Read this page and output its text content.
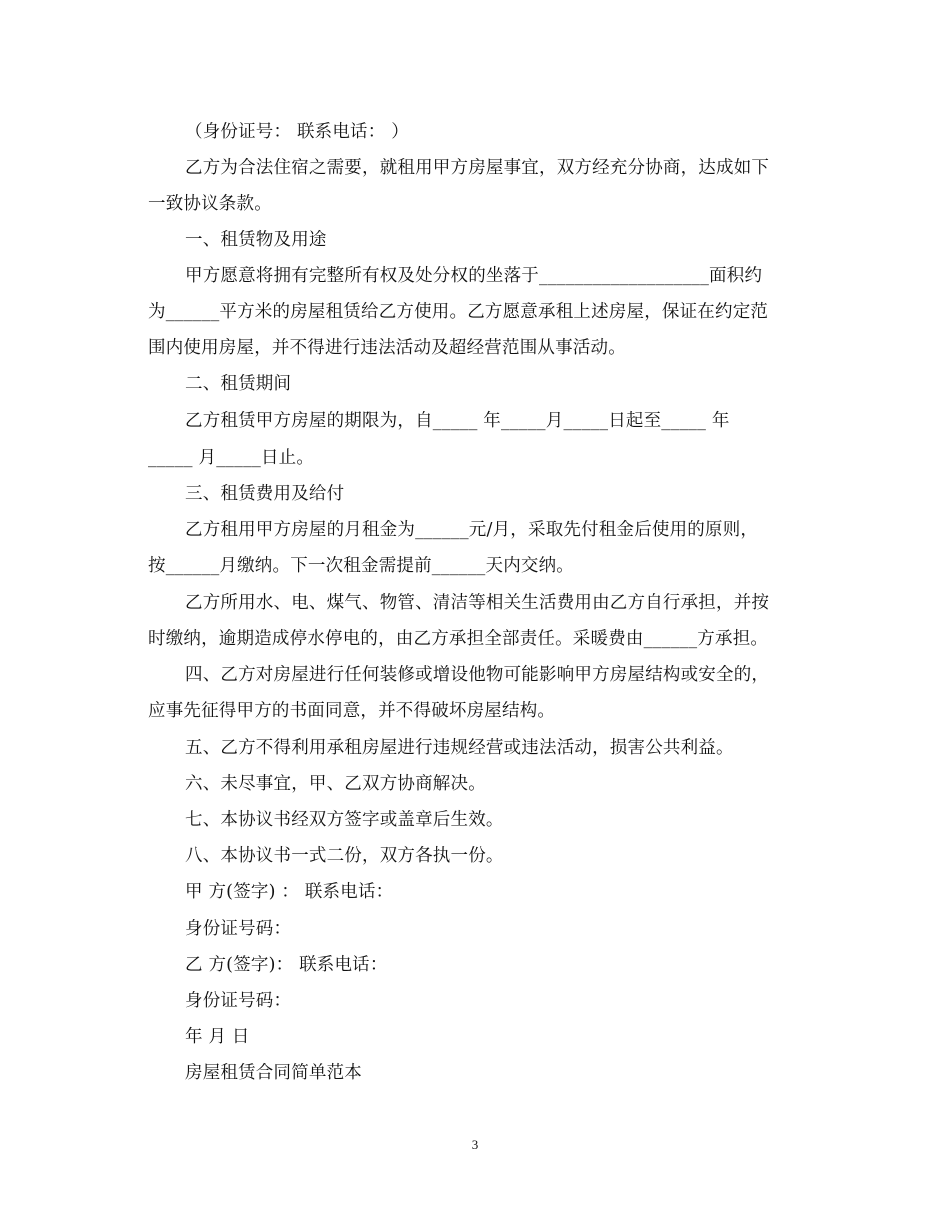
（身份证号： 联系电话： ）
乙方为合法住宿之需要，就租用甲方房屋事宜，双方经充分协商，达成如下
一致协议条款。
一、租赁物及用途
甲方愿意将拥有完整所有权及处分权的坐落于___________________面积约
为______平方米的房屋租赁给乙方使用。乙方愿意承租上述房屋，保证在约定范
围内使用房屋，并不得进行违法活动及超经营范围从事活动。
二、租赁期间
乙方租赁甲方房屋的期限为，自_____ 年_____月_____日起至_____ 年
_____ 月_____日止。
三、租赁费用及给付
乙方租用甲方房屋的月租金为______元/月，采取先付租金后使用的原则，
按______月缴纳。下一次租金需提前______天内交纳。
乙方所用水、电、煤气、物管、清洁等相关生活费用由乙方自行承担，并按
时缴纳，逾期造成停水停电的，由乙方承担全部责任。采暖费由______方承担。
四、乙方对房屋进行任何装修或增设他物可能影响甲方房屋结构或安全的，
应事先征得甲方的书面同意，并不得破坏房屋结构。
五、乙方不得利用承租房屋进行违规经营或违法活动，损害公共利益。
六、未尽事宜，甲、乙双方协商解决。
七、本协议书经双方签字或盖章后生效。
八、本协议书一式二份，双方各执一份。
甲 方(签字) ： 联系电话：
身份证号码：
乙 方(签字)： 联系电话：
身份证号码：
年 月 日
房屋租赁合同简单范本
3
